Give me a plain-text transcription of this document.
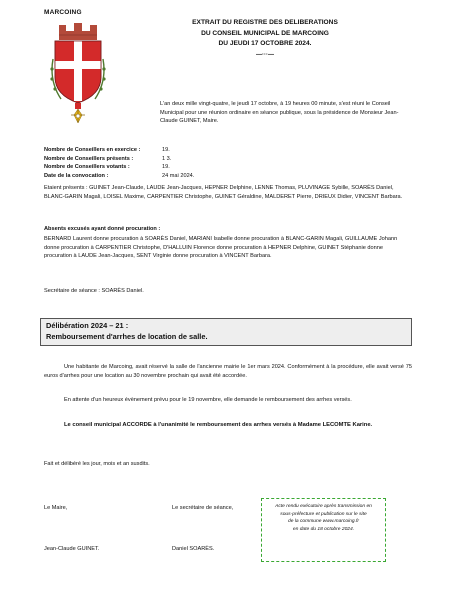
MARCOING
EXTRAIT DU REGISTRE DES DELIBERATIONS
DU CONSEIL MUNICIPAL DE MARCOING
DU JEUDI 17 OCTOBRE 2024.
—···—
L'an deux mille vingt-quatre, le jeudi 17 octobre, à 19 heures 00 minute, s'est réuni le Conseil Municipal pour une réunion ordinaire en séance publique, sous la présidence de Monsieur Jean-Claude GUINET, Maire.
Nombre de Conseillers en exercice :	19.
Nombre de Conseillers présents :	1 3.
Nombre de Conseillers votants :	19.
Date de la convocation :	24 mai 2024.
Etaient présents : GUINET Jean-Claude, LAUDE Jean-Jacques, HEPNER Delphine, LENNE Thomas, PLUVINAGE Sybille, SOARÈS Daniel, BLANC-GARIN Magali, LOISEL Maxime, CARPENTIER Christophe, GUINET Géraldine, MALDERET Pierre, DRIEUX Didier, VINCENT Barbara.
Absents excusés ayant donné procuration :
BERNARD Laurent donne procuration à SOARÈS Daniel, MARIANI Isabelle donne procuration à BLANC-GARIN Magali, GUILLAUME Johann donne procuration à CARPENTIER Christophe, D'HALLUIN Florence donne procuration à HEPNER Delphine, GUINET Stéphanie donne procuration à LAUDE Jean-Jacques, SENT Virginie donne procuration à VINCENT Barbara.
Secrétaire de séance : SOARÈS Daniel.
Délibération 2024 – 21 :
Remboursement d'arrhes de location de salle.
Une habitante de Marcoing, avait réservé la salle de l'ancienne mairie le 1er mars 2024. Conformément à la procédure, elle avait versé 75 euros d'arrhes pour une location au 30 novembre prochain qui avait été accordée.
En attente d'un heureux évènement prévu pour le 19 novembre, elle demande le remboursement des arrhes versés.
Le conseil municipal ACCORDE à l'unanimité le remboursement des arrhes versés à Madame LECOMTE Karine.
Fait et délibéré les jour, mois et an susdits.
Le Maire,	Le secrétaire de séance,
Jean-Claude GUINET.	Daniel SOARÈS.
Acte rendu exécutoire après transmission en
sous-préfecture et publication sur le site
de la commune www.marcoing.fr
en date du 18 octobre 2024.
